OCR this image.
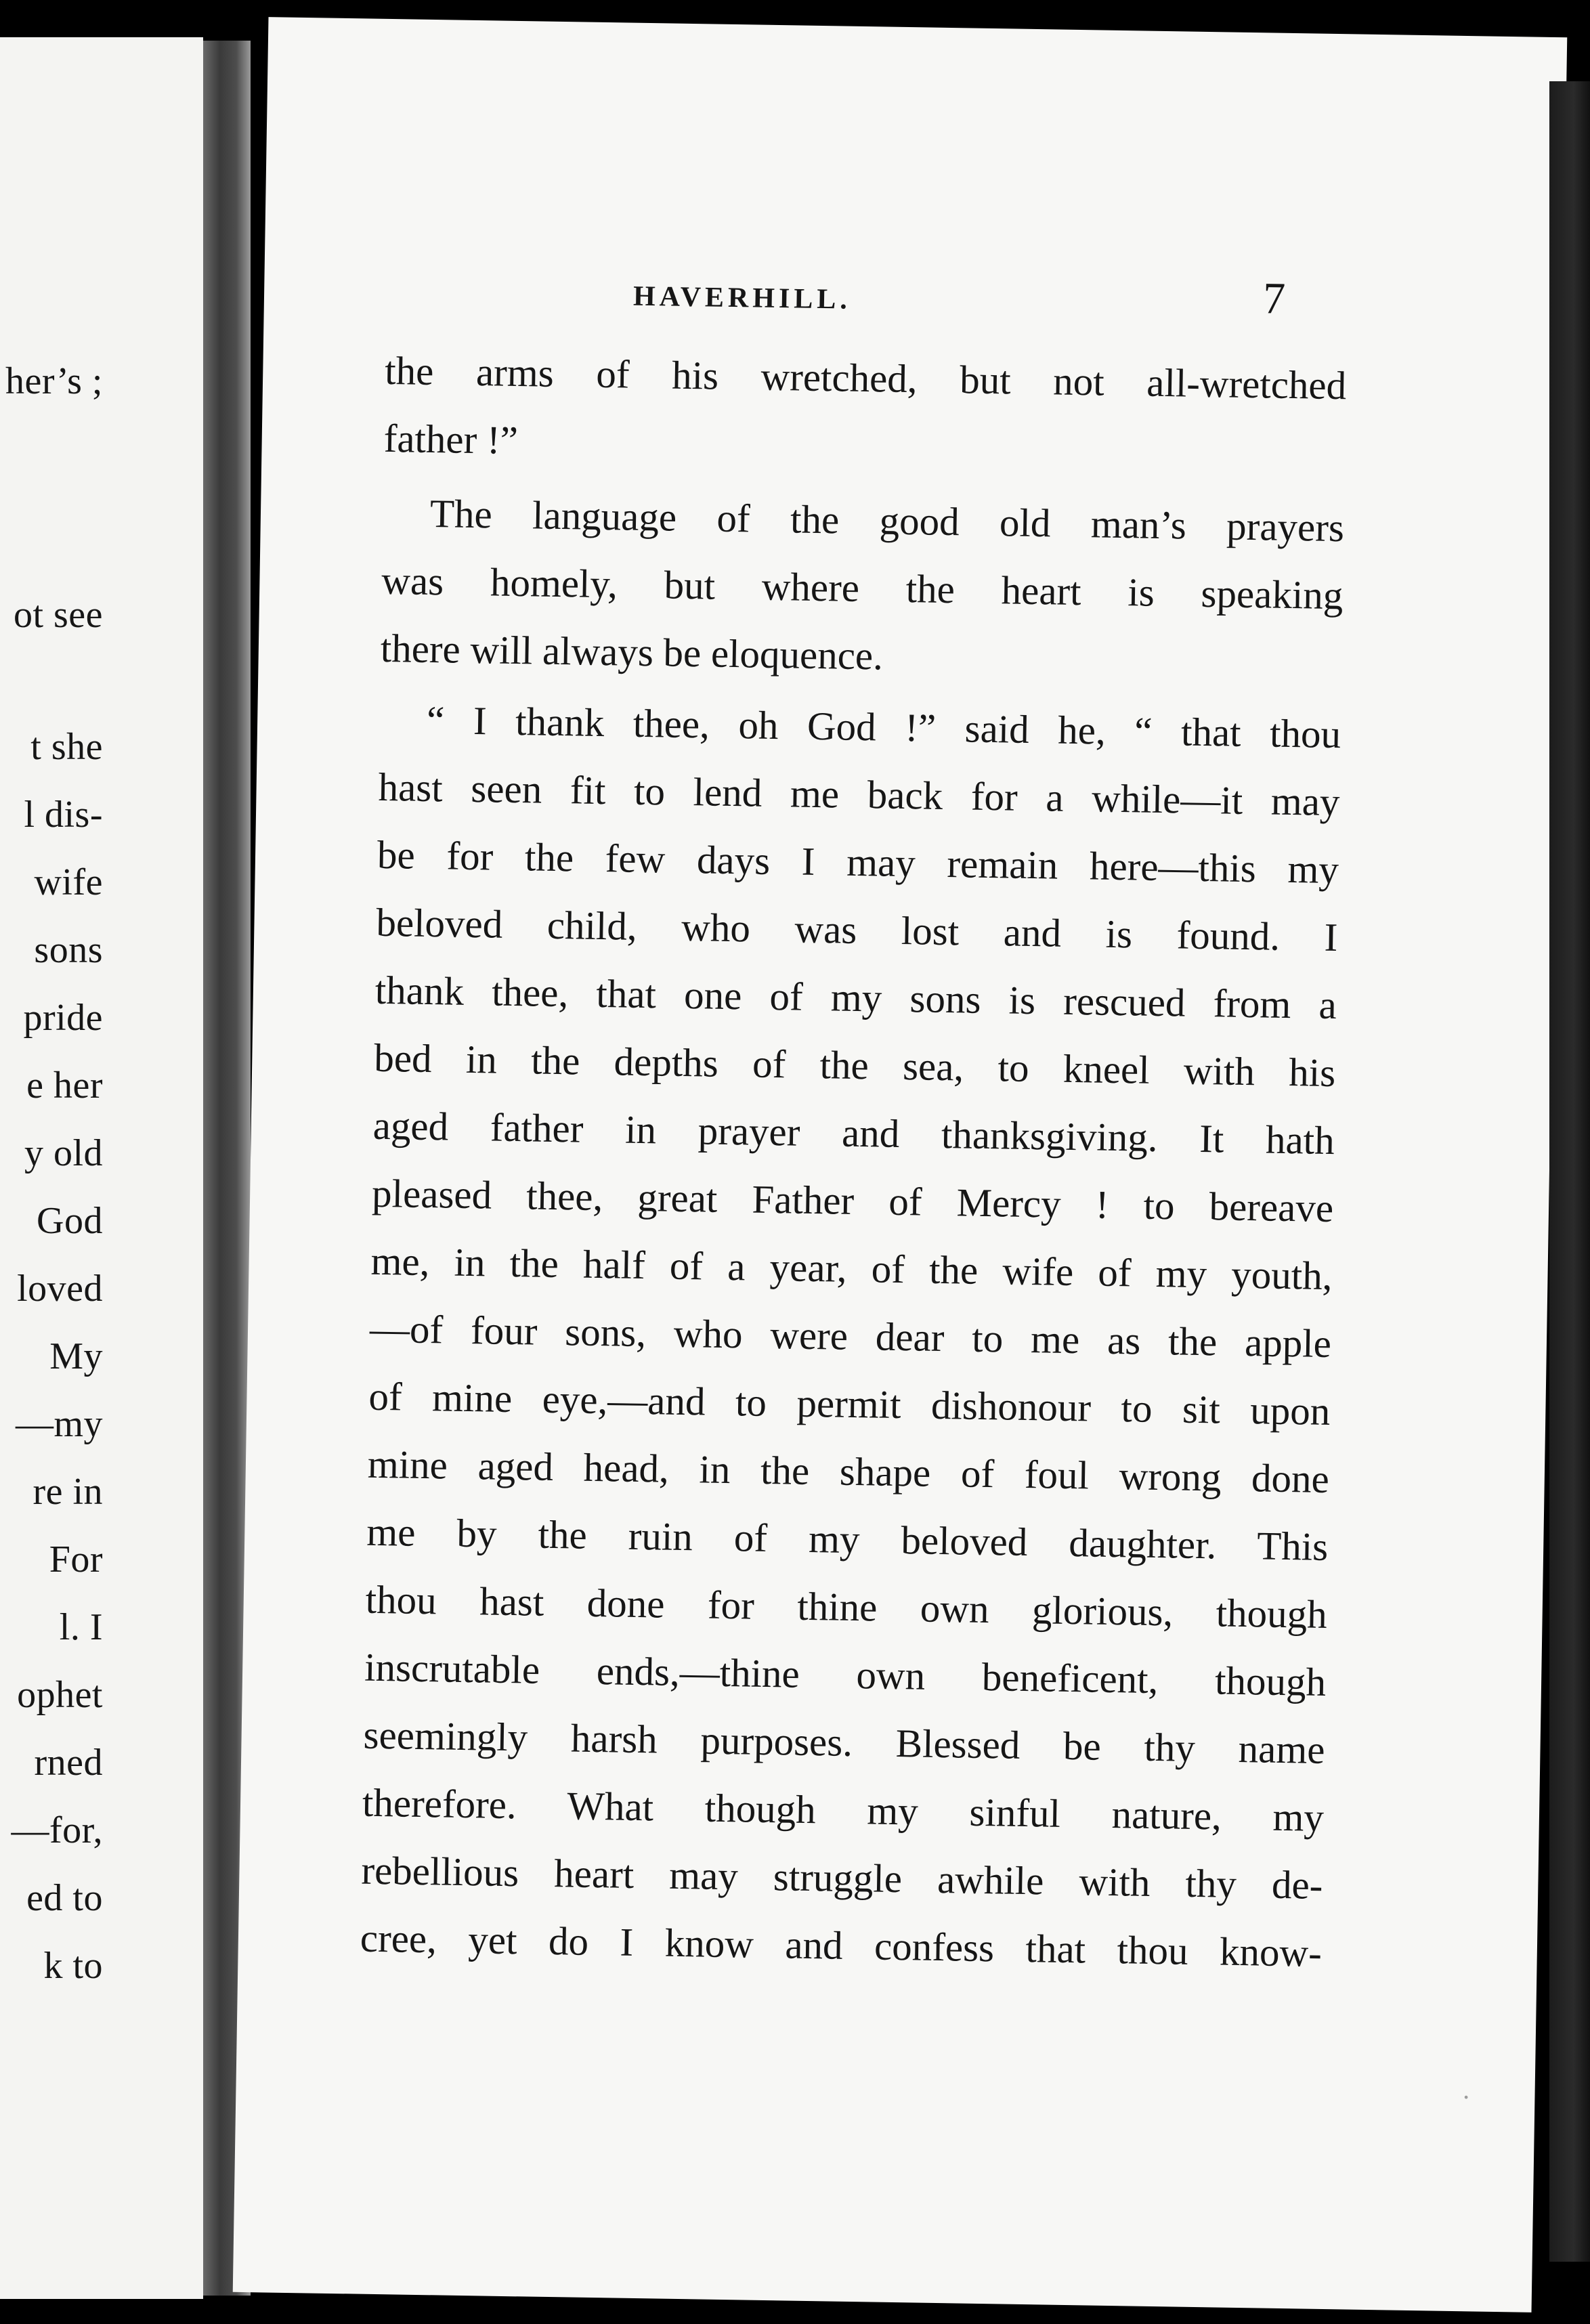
her’s ;
ot see
t she
l dis-
wife
sons
pride
e her
y old
God
loved
My
—my
re in
For
l. I
ophet
rned
—for,
ed to
k to
HAVERHILL.	7
the arms of his wretched, but not all-wretched
father !”
The language of the good old man’s prayers
was homely, but where the heart is speaking
there will always be eloquence.
“ I thank thee, oh God !” said he, “ that thou
hast seen fit to lend me back for a while—it may
be for the few days I may remain here—this my
beloved child, who was lost and is found. I
thank thee, that one of my sons is rescued from a
bed in the depths of the sea, to kneel with his
aged father in prayer and thanksgiving. It hath
pleased thee, great Father of Mercy ! to bereave
me, in the half of a year, of the wife of my youth,
—of four sons, who were dear to me as the apple
of mine eye,—and to permit dishonour to sit upon
mine aged head, in the shape of foul wrong done
me by the ruin of my beloved daughter. This
thou hast done for thine own glorious, though
inscrutable ends,—thine own beneficent, though
seemingly harsh purposes. Blessed be thy name
therefore. What though my sinful nature, my
rebellious heart may struggle awhile with thy de-
cree, yet do I know and confess that thou know-
·
